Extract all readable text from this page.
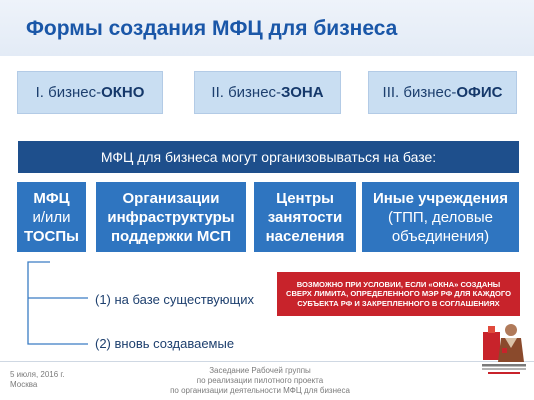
Формы создания МФЦ для бизнеса
I. бизнес- ОКНО	II. бизнес- ЗОНА	III. бизнес- ОФИС
МФЦ для бизнеса могут организовываться на базе:
МФЦ
и/или
ТОСПы
Организации
инфраструктуры
поддержки МСП
Центры
занятости
населения
Иные учреждения
(ТПП, деловые
объединения)
(1) на базе существующих
(2) вновь создаваемые
ВОЗМОЖНО ПРИ УСЛОВИИ, ЕСЛИ «ОКНА» СОЗДАНЫ СВЕРХ ЛИМИТА, ОПРЕДЕЛЕННОГО МЭР РФ ДЛЯ КАЖДОГО СУБЪЕКТА РФ И ЗАКРЕПЛЕННОГО В СОГЛАШЕНИЯХ
5 июля, 2016 г.
Москва
Заседание Рабочей группы
по реализации пилотного проекта
по организации деятельности МФЦ для бизнеса
